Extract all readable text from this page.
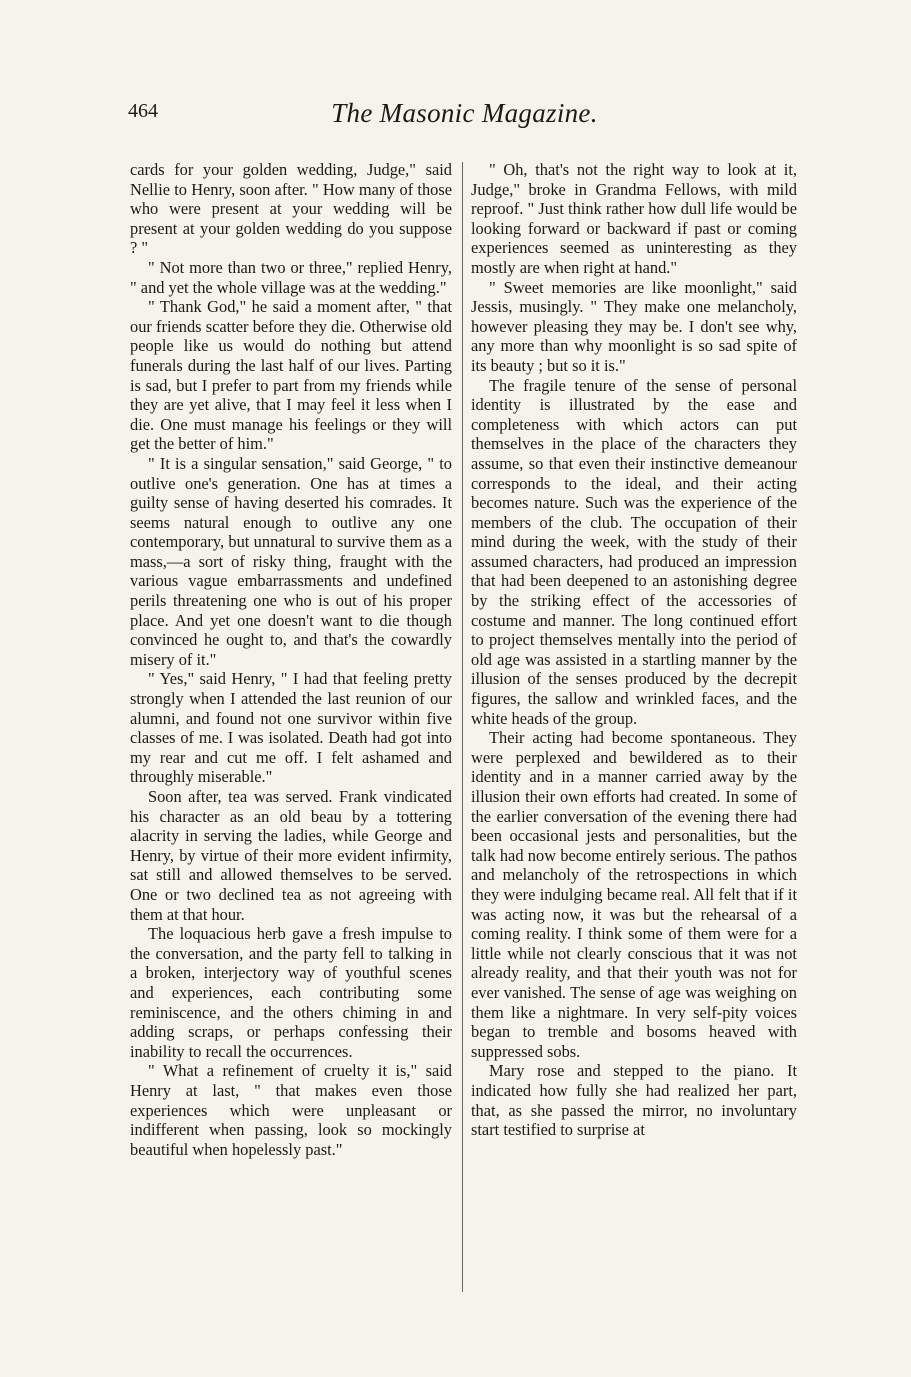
464	The Masonic Magazine.

cards for your golden wedding, Judge," said Nellie to Henry, soon after. " How many of those who were present at your wedding will be present at your golden wedding do you suppose ? "

" Not more than two or three," replied Henry, " and yet the whole village was at the wedding."

" Thank God," he said a moment after, " that our friends scatter before they die. Otherwise old people like us would do nothing but attend funerals during the last half of our lives. Parting is sad, but I prefer to part from my friends while they are yet alive, that I may feel it less when I die. One must manage his feelings or they will get the better of him."

" It is a singular sensation," said George, " to outlive one's generation. One has at times a guilty sense of having deserted his comrades. It seems natural enough to outlive any one contemporary, but unnatural to survive them as a mass,—a sort of risky thing, fraught with the various vague embarrassments and undefined perils threatening one who is out of his proper place. And yet one doesn't want to die though convinced he ought to, and that's the cowardly misery of it."

" Yes," said Henry, " I had that feeling pretty strongly when I attended the last reunion of our alumni, and found not one survivor within five classes of me. I was isolated. Death had got into my rear and cut me off. I felt ashamed and throughly miserable."

Soon after, tea was served. Frank vindicated his character as an old beau by a tottering alacrity in serving the ladies, while George and Henry, by virtue of their more evident infirmity, sat still and allowed themselves to be served. One or two declined tea as not agreeing with them at that hour.

The loquacious herb gave a fresh impulse to the conversation, and the party fell to talking in a broken, interjectory way of youthful scenes and experiences, each contributing some reminiscence, and the others chiming in and adding scraps, or perhaps confessing their inability to recall the occurrences.

" What a refinement of cruelty it is," said Henry at last, " that makes even those experiences which were unpleasant or indifferent when passing, look so mockingly beautiful when hopelessly past."

" Oh, that's not the right way to look at it, Judge," broke in Grandma Fellows, with mild reproof. " Just think rather how dull life would be looking forward or backward if past or coming experiences seemed as uninteresting as they mostly are when right at hand."

" Sweet memories are like moonlight," said Jessis, musingly. " They make one melancholy, however pleasing they may be. I don't see why, any more than why moonlight is so sad spite of its beauty ; but so it is."

The fragile tenure of the sense of personal identity is illustrated by the ease and completeness with which actors can put themselves in the place of the characters they assume, so that even their instinctive demeanour corresponds to the ideal, and their acting becomes nature. Such was the experience of the members of the club. The occupation of their mind during the week, with the study of their assumed characters, had produced an impression that had been deepened to an astonishing degree by the striking effect of the accessories of costume and manner. The long continued effort to project themselves mentally into the period of old age was assisted in a startling manner by the illusion of the senses produced by the decrepit figures, the sallow and wrinkled faces, and the white heads of the group.

Their acting had become spontaneous. They were perplexed and bewildered as to their identity and in a manner carried away by the illusion their own efforts had created. In some of the earlier conversation of the evening there had been occasional jests and personalities, but the talk had now become entirely serious. The pathos and melancholy of the retrospections in which they were indulging became real. All felt that if it was acting now, it was but the rehearsal of a coming reality. I think some of them were for a little while not clearly conscious that it was not already reality, and that their youth was not for ever vanished. The sense of age was weighing on them like a nightmare. In very self-pity voices began to tremble and bosoms heaved with suppressed sobs.

Mary rose and stepped to the piano. It indicated how fully she had realized her part, that, as she passed the mirror, no involuntary start testified to surprise at
